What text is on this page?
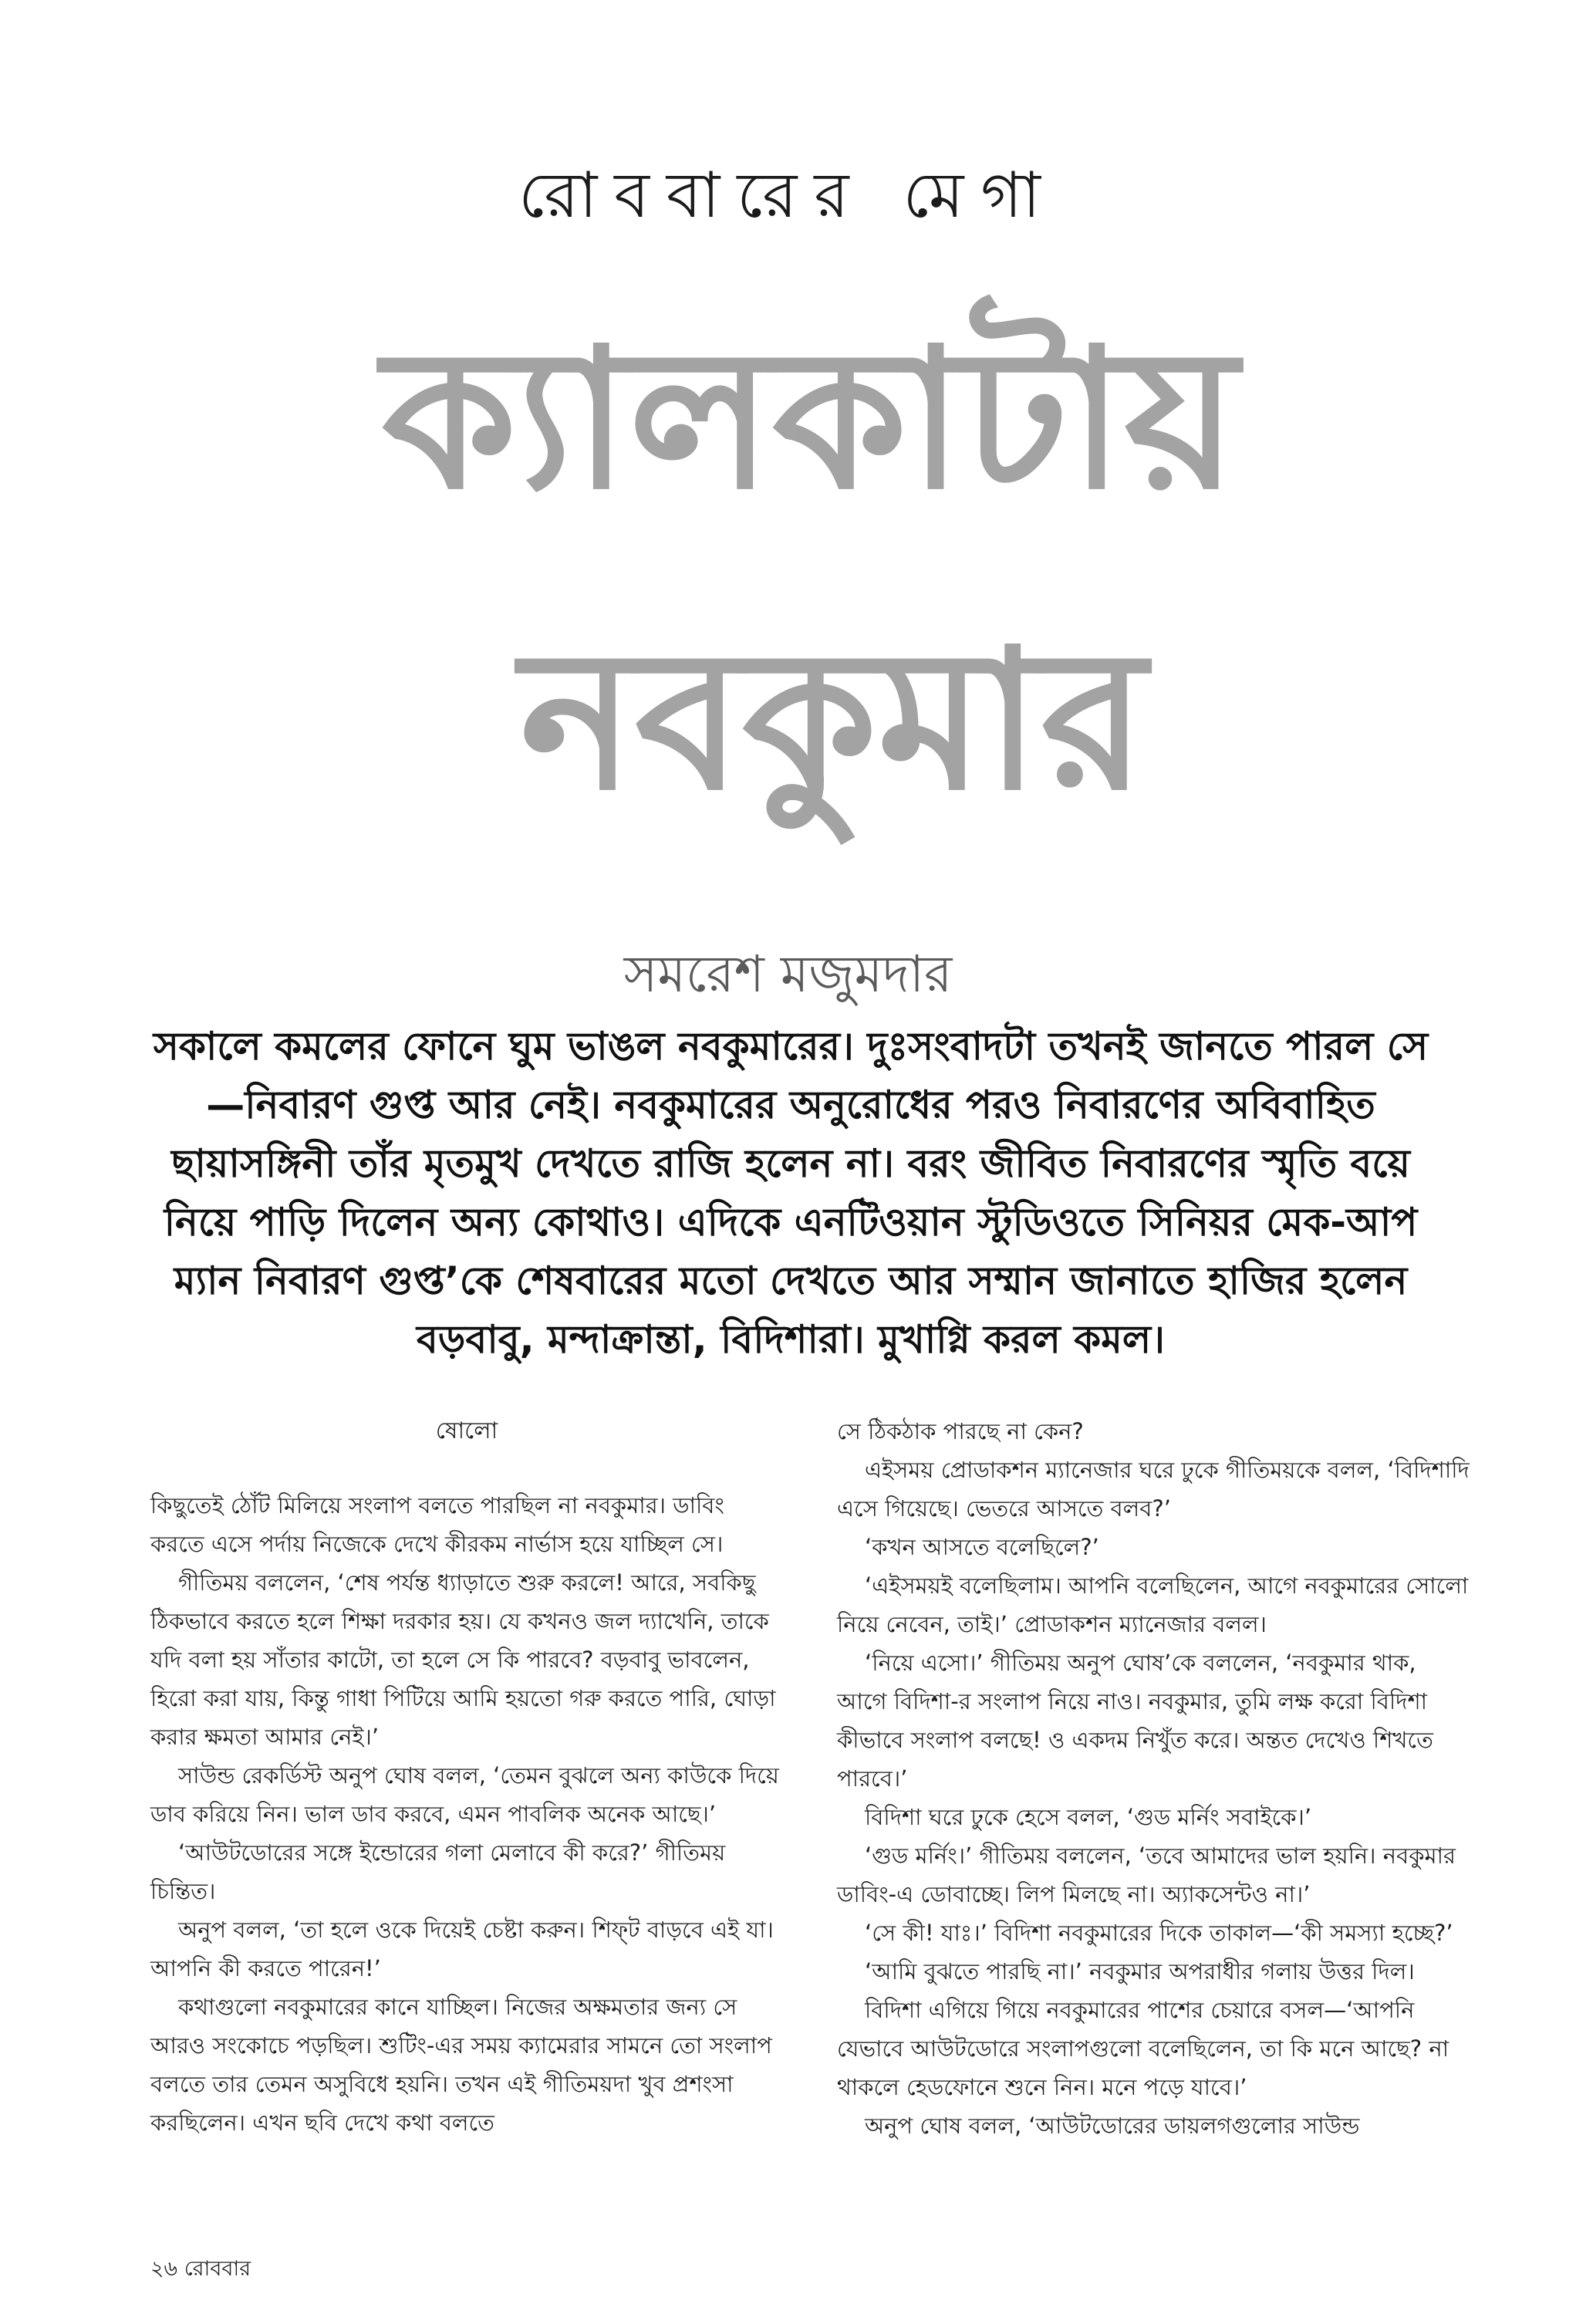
রোববারের মেগা
ক্যালকাটায়
নবকুমার
সমরেশ মজুমদার
সকালে কমলের ফোনে ঘুম ভাঙল নবকুমারের। দুঃসংবাদটা তখনই জানতে পারল সে—নিবারণ গুপ্ত আর নেই। নবকুমারের অনুরোধের পরও নিবারণের অবিবাহিত ছায়াসঙ্গিনী তাঁর মৃতমুখ দেখতে রাজি হলেন না। বরং জীবিত নিবারণের স্মৃতি বয়ে নিয়ে পাড়ি দিলেন অন্য কোথাও। এদিকে এনটিওয়ান স্টুডিওতে সিনিয়র মেক-আপ ম্যান নিবারণ গুপ্ত’কে শেষবারের মতো দেখতে আর সম্মান জানাতে হাজির হলেন বড়বাবু, মন্দাক্রান্তা, বিদিশারা। মুখাগ্নি করল কমল।

ষোলো

কিছুতেই ঠোঁট মিলিয়ে সংলাপ বলতে পারছিল না নবকুমার। ডাবিং করতে এসে পর্দায় নিজেকে দেখে কীরকম নার্ভাস হয়ে যাচ্ছিল সে।

গীতিময় বললেন, ‘শেষ পর্যন্ত ধ্যাড়াতে শুরু করলে! আরে, সবকিছু ঠিকভাবে করতে হলে শিক্ষা দরকার হয়। যে কখনও জল দ্যাখেনি, তাকে যদি বলা হয় সাঁতার কাটো, তা হলে সে কি পারবে? বড়বাবু ভাবলেন, হিরো করা যায়, কিন্তু গাধা পিটিয়ে আমি হয়তো গরু করতে পারি, ঘোড়া করার ক্ষমতা আমার নেই।’

সাউন্ড রেকর্ডিস্ট অনুপ ঘোষ বলল, ‘তেমন বুঝলে অন্য কাউকে দিয়ে ডাব করিয়ে নিন। ভাল ডাব করবে, এমন পাবলিক অনেক আছে।’

‘আউটডোরের সঙ্গে ইন্ডোরের গলা মেলাবে কী করে?’ গীতিময় চিন্তিত।

অনুপ বলল, ‘তা হলে ওকে দিয়েই চেষ্টা করুন। শিফ্‌ট বাড়বে এই যা। আপনি কী করতে পারেন!’

কথাগুলো নবকুমারের কানে যাচ্ছিল। নিজের অক্ষমতার জন্য সে আরও সংকোচে পড়ছিল। শুটিং-এর সময় ক্যামেরার সামনে তো সংলাপ বলতে তার তেমন অসুবিধে হয়নি। তখন এই গীতিময়দা খুব প্রশংসা করছিলেন। এখন ছবি দেখে কথা বলতে

সে ঠিকঠাক পারছে না কেন?

এইসময় প্রোডাকশন ম্যানেজার ঘরে ঢুকে গীতিময়কে বলল, ‘বিদিশাদি এসে গিয়েছে। ভেতরে আসতে বলব?’

‘কখন আসতে বলেছিলে?’

‘এইসময়ই বলেছিলাম। আপনি বলেছিলেন, আগে নবকুমারের সোলো নিয়ে নেবেন, তাই।’ প্রোডাকশন ম্যানেজার বলল।

‘নিয়ে এসো।’ গীতিময় অনুপ ঘোষ’কে বললেন, ‘নবকুমার থাক, আগে বিদিশা-র সংলাপ নিয়ে নাও। নবকুমার, তুমি লক্ষ করো বিদিশা কীভাবে সংলাপ বলছে! ও একদম নিখুঁত করে। অন্তত দেখেও শিখতে পারবে।’

বিদিশা ঘরে ঢুকে হেসে বলল, ‘গুড মর্নিং সবাইকে।’

‘গুড মর্নিং।’ গীতিময় বললেন, ‘তবে আমাদের ভাল হয়নি। নবকুমার ডাবিং-এ ডোবাচ্ছে। লিপ মিলছে না। অ্যাকসেন্টও না।’

‘সে কী! যাঃ।’ বিদিশা নবকুমারের দিকে তাকাল—‘কী সমস্যা হচ্ছে?’

‘আমি বুঝতে পারছি না।’ নবকুমার অপরাধীর গলায় উত্তর দিল।

বিদিশা এগিয়ে গিয়ে নবকুমারের পাশের চেয়ারে বসল—‘আপনি যেভাবে আউটডোরে সংলাপগুলো বলেছিলেন, তা কি মনে আছে? না থাকলে হেডফোনে শুনে নিন। মনে পড়ে যাবে।’

অনুপ ঘোষ বলল, ‘আউটডোরের ডায়লগগুলোর সাউন্ড

২৬ রোববার
